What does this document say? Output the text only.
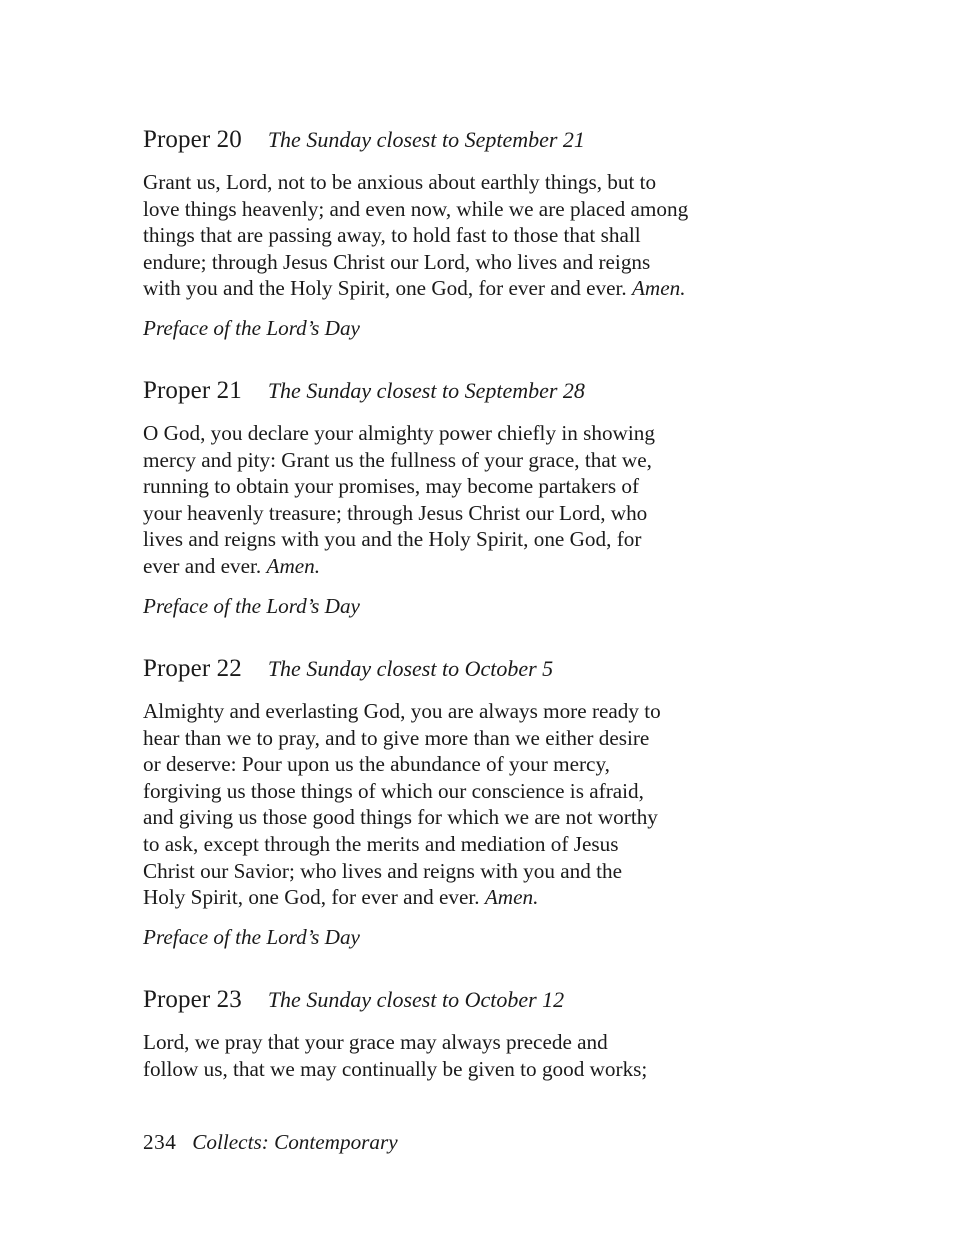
Proper 20 The Sunday closest to September 21

Grant us, Lord, not to be anxious about earthly things, but to
love things heavenly; and even now, while we are placed among
things that are passing away, to hold fast to those that shall
endure; through Jesus Christ our Lord, who lives and reigns
with you and the Holy Spirit, one God, for ever and ever. Amen.

Preface of the Lord’s Day
Proper 21 The Sunday closest to September 28

O God, you declare your almighty power chiefly in showing
mercy and pity: Grant us the fullness of your grace, that we,
running to obtain your promises, may become partakers of
your heavenly treasure; through Jesus Christ our Lord, who
lives and reigns with you and the Holy Spirit, one God, for
ever and ever. Amen.

Preface of the Lord’s Day
Proper 22 The Sunday closest to October 5

Almighty and everlasting God, you are always more ready to
hear than we to pray, and to give more than we either desire
or deserve: Pour upon us the abundance of your mercy,
forgiving us those things of which our conscience is afraid,
and giving us those good things for which we are not worthy
to ask, except through the merits and mediation of Jesus
Christ our Savior; who lives and reigns with you and the
Holy Spirit, one God, for ever and ever. Amen.

Preface of the Lord’s Day
Proper 23 The Sunday closest to October 12

Lord, we pray that your grace may always precede and
follow us, that we may continually be given to good works;

234 Collects: Contemporary
